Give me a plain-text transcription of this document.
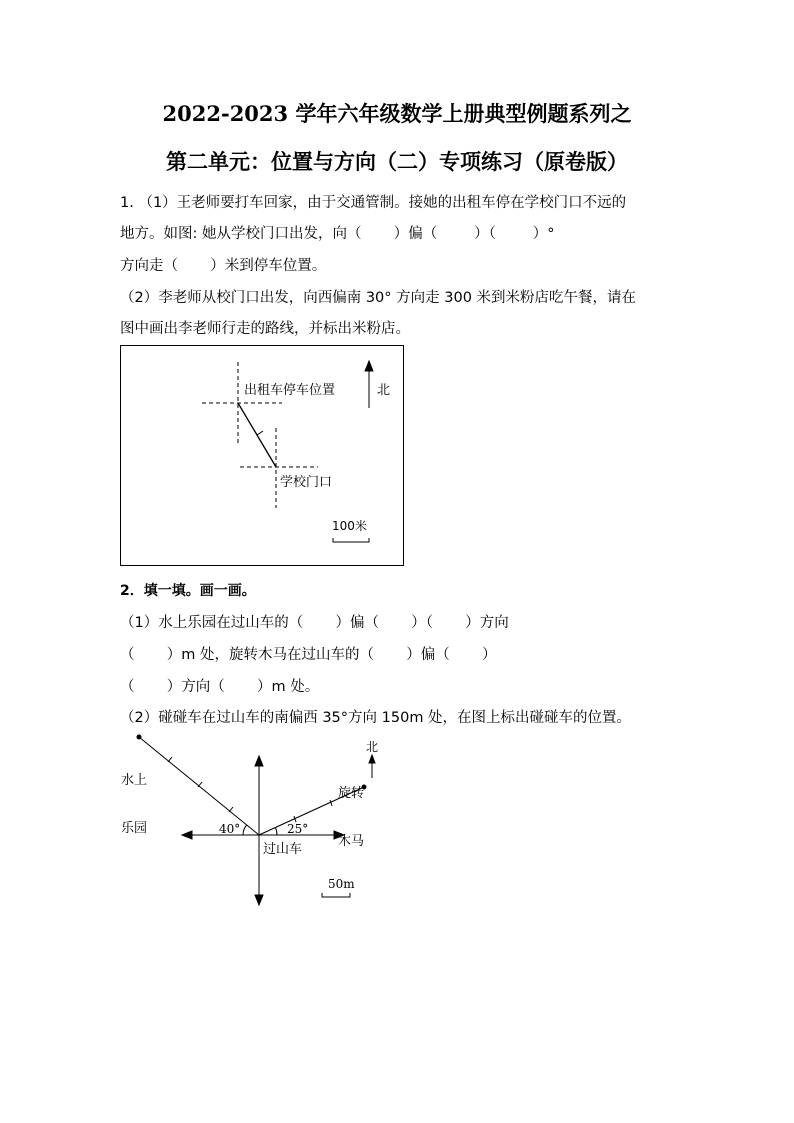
2022-2023 学年六年级数学上册典型例题系列之
第二单元：位置与方向（二）专项练习（原卷版）
1. （1）王老师要打车回家，由于交通管制。接她的出租车停在学校门口不远的
地方。如图: 她从学校门口出发，向（       ）偏（        ）（        ）°
方向走（       ）米到停车位置。
（2）李老师从校门口出发，向西偏南 30° 方向走 300 米到米粉店吃午餐，请在
图中画出李老师行走的路线，并标出米粉店。
出租车停车位置	北
学校门口
100米
2．填一填。画一画。
（1）水上乐园在过山车的（       ）偏（       ）（       ）方向
（       ）m 处，旋转木马在过山车的（       ）偏（       ）
（       ）方向（       ）m 处。
（2）碰碰车在过山车的南偏西 35°方向 150m 处，在图上标出碰碰车的位置。

水上

乐园

旋转

木马

北
40°	25°
过山车
50m
